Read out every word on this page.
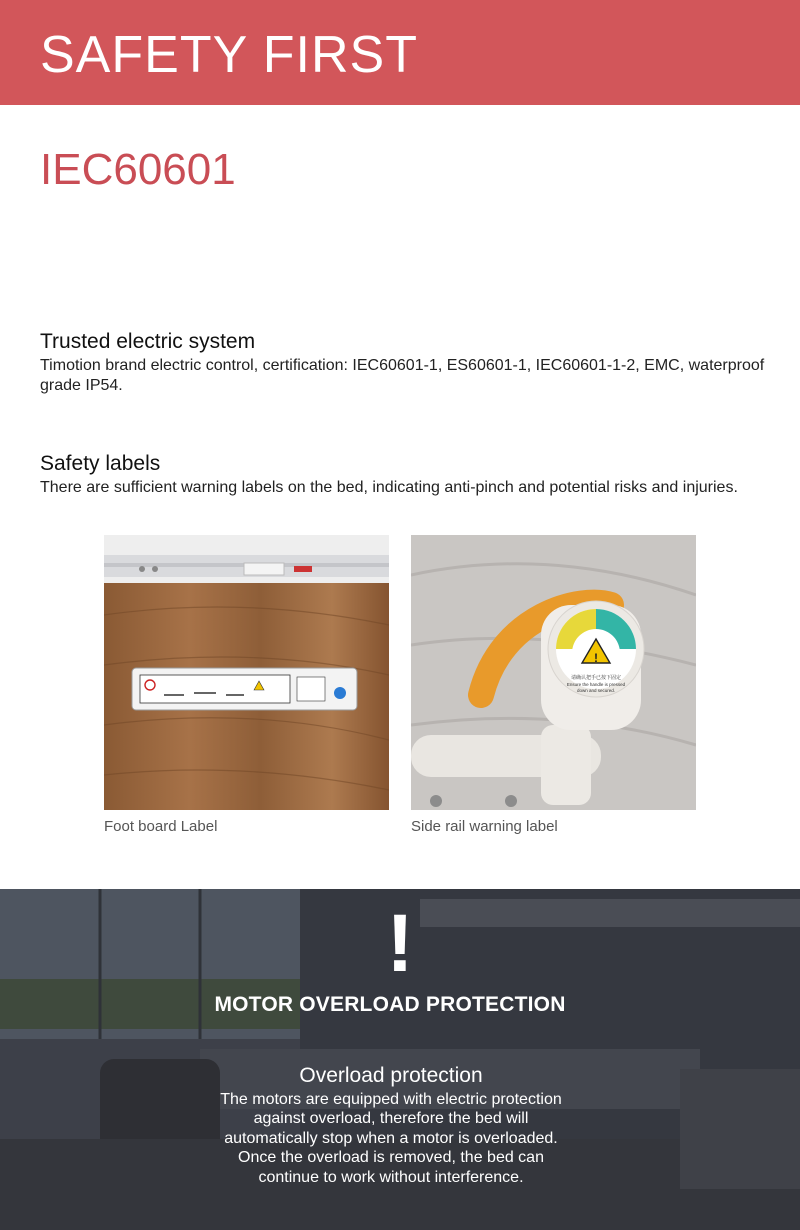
SAFETY FIRST
IEC60601
Trusted electric system

Timotion brand electric control, certification: IEC60601-1, ES60601-1, IEC60601-1-2, EMC, waterproof grade IP54.

Safety labels

There are sufficient warning labels on the bed, indicating anti-pinch and potential risks and injuries.

!
请确认把手已按下固定
Ensure the handle is pressed
down and secured.
Foot board Label	Side rail warning label
!
MOTOR OVERLOAD PROTECTION
Overload protection
The motors are equipped with electric protection
against overload, therefore the bed will
automatically stop when a motor is overloaded.
Once the overload is removed, the bed can
continue to work without interference.
